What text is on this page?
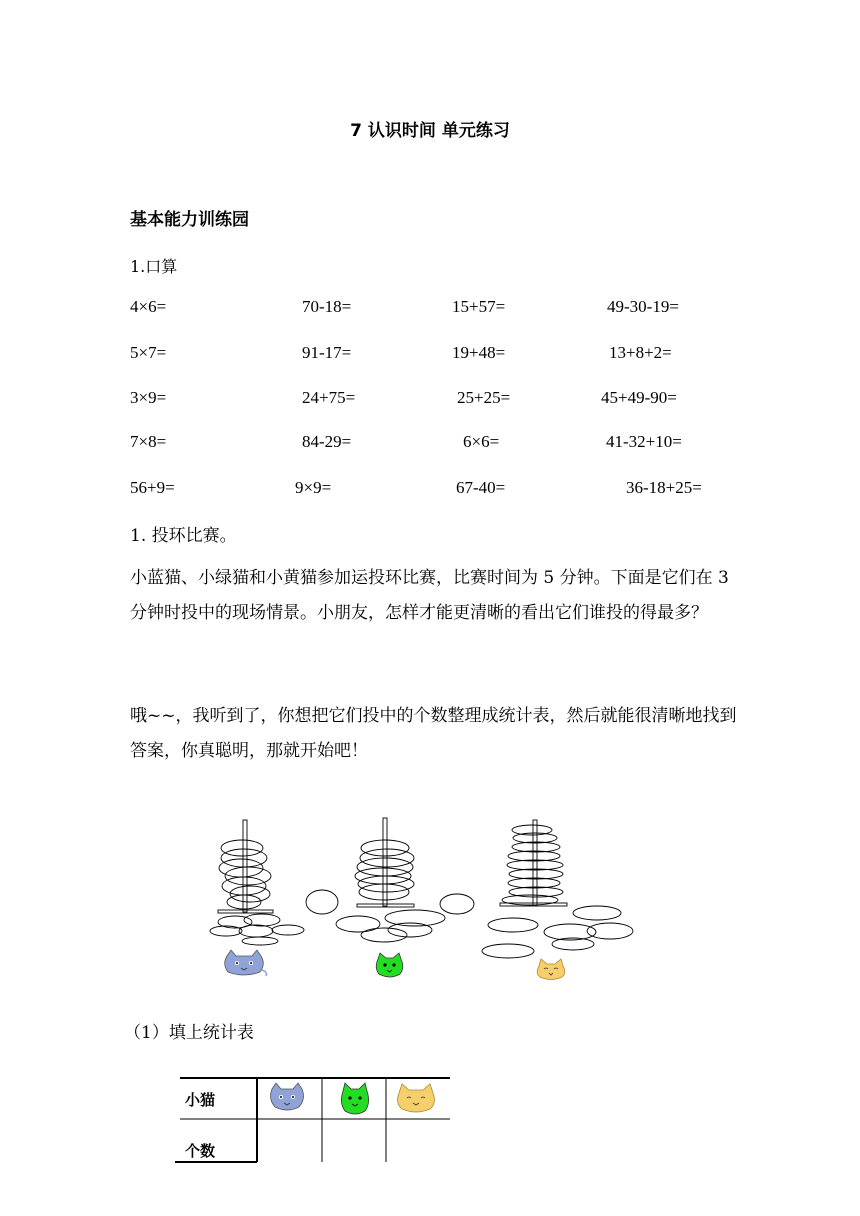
7 认识时间 单元练习
基本能力训练园
1.口算
4×6=	70-18=	15+57=	49-30-19=
5×7=	91-17=	19+48=	13+8+2=
3×9=	24+75=	25+25=	45+49-90=
7×8=	84-29=	6×6=	41-32+10=
56+9=	9×9=	67-40=	36-18+25=
1. 投环比赛。
小蓝猫、小绿猫和小黄猫参加运投环比赛，比赛时间为 5 分钟。下面是它们在 3 分钟时投中的现场情景。小朋友，怎样才能更清晰的看出它们谁投的得最多？
哦~~，我听到了，你想把它们投中的个数整理成统计表，然后就能很清晰地找到答案，你真聪明，那就开始吧！
（1）填上统计表
小猫
个数
